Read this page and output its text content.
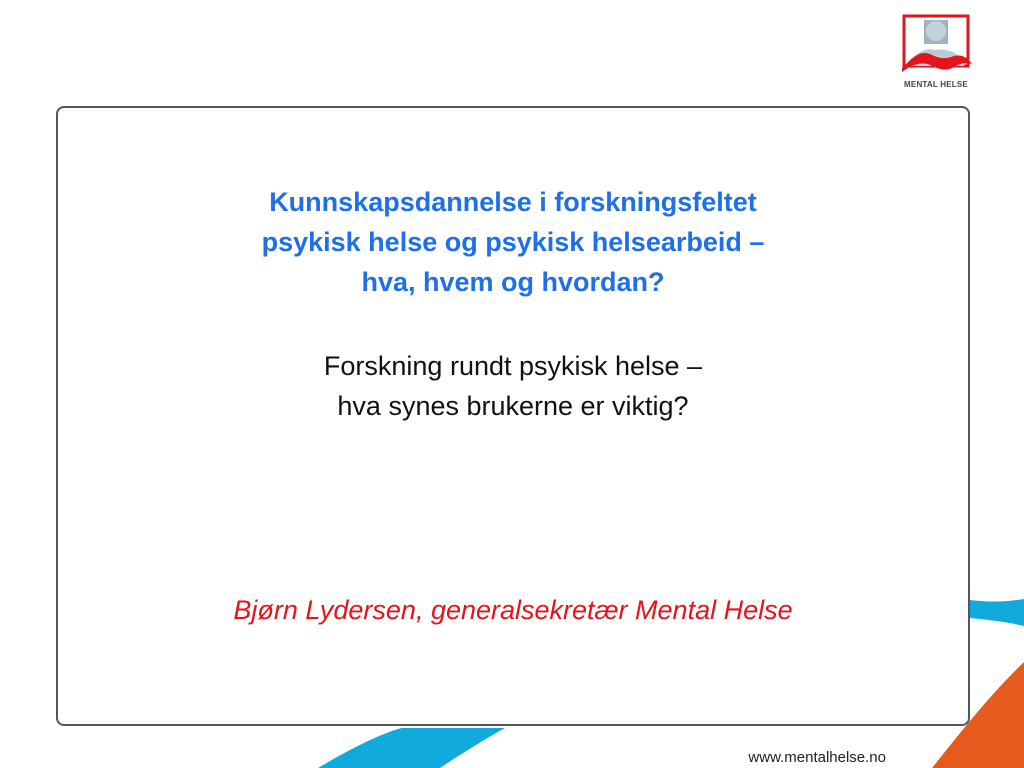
MENTAL HELSE
Kunnskapsdannelse i forskningsfeltet
psykisk helse og psykisk helsearbeid –
hva, hvem og hvordan?

Forskning rundt psykisk helse –
hva synes brukerne er viktig?

Bjørn Lydersen, generalsekretær Mental Helse

www.mentalhelse.no
